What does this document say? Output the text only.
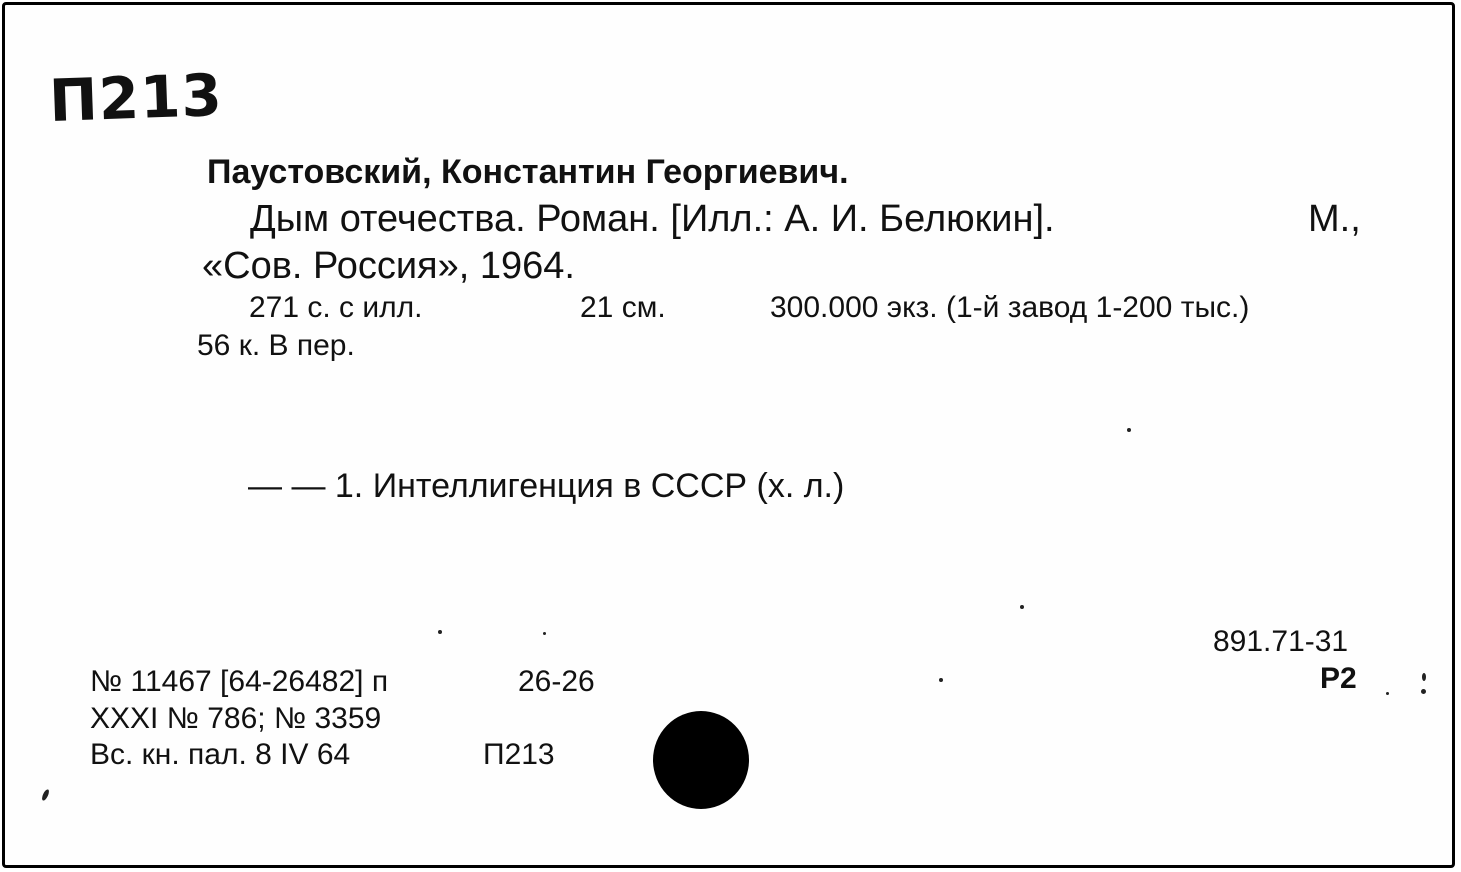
П213
Паустовский, Константин Георгиевич.
Дым отечества. Роман. [Илл.: А. И. Белюкин].	М.,
«Сов. Россия», 1964.
271 с. с илл.	21 см.	300.000 экз. (1-й завод 1-200 тыс.)
56 к. В пер.
— — 1. Интеллигенция в СССР (х. л.)
№ 11467 [64-26482] п
XXXI № 786; № 3359
Вс. кн. пал. 8 IV 64
26-26
П213
891.71-31
Р2
